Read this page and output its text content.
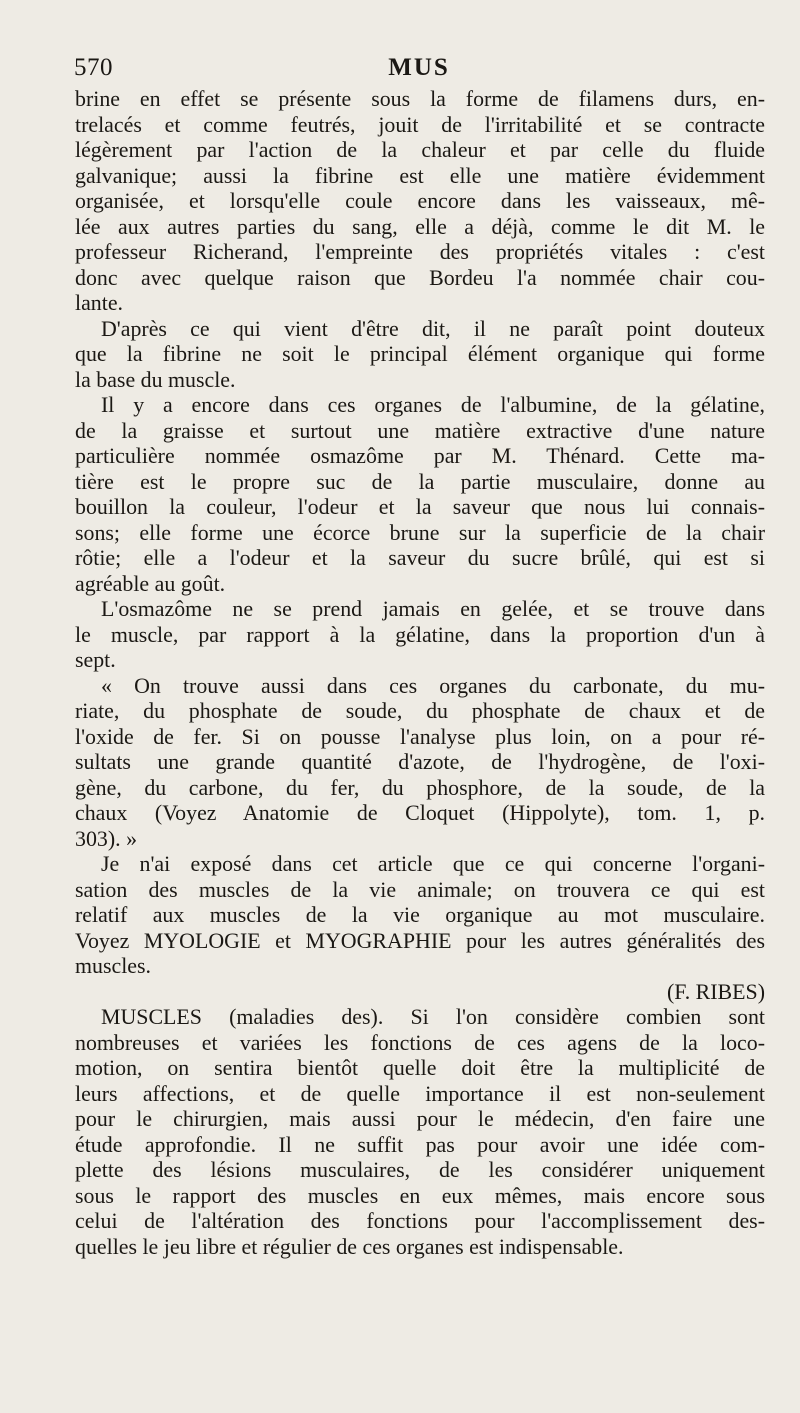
570	MUS
brine en effet se présente sous la forme de filamens durs, en-
trelacés et comme feutrés, jouit de l'irritabilité et se contracte
légèrement par l'action de la chaleur et par celle du fluide
galvanique; aussi la fibrine est elle une matière évidemment
organisée, et lorsqu'elle coule encore dans les vaisseaux, mê-
lée aux autres parties du sang, elle a déjà, comme le dit M. le
professeur Richerand, l'empreinte des propriétés vitales : c'est
donc avec quelque raison que Bordeu l'a nommée chair cou-
lante.
D'après ce qui vient d'être dit, il ne paraît point douteux
que la fibrine ne soit le principal élément organique qui forme
la base du muscle.
Il y a encore dans ces organes de l'albumine, de la gélatine,
de la graisse et surtout une matière extractive d'une nature
particulière nommée osmazôme par M. Thénard. Cette ma-
tière est le propre suc de la partie musculaire, donne au
bouillon la couleur, l'odeur et la saveur que nous lui connais-
sons; elle forme une écorce brune sur la superficie de la chair
rôtie; elle a l'odeur et la saveur du sucre brûlé, qui est si
agréable au goût.
L'osmazôme ne se prend jamais en gelée, et se trouve dans
le muscle, par rapport à la gélatine, dans la proportion d'un à
sept.
« On trouve aussi dans ces organes du carbonate, du mu-
riate, du phosphate de soude, du phosphate de chaux et de
l'oxide de fer. Si on pousse l'analyse plus loin, on a pour ré-
sultats une grande quantité d'azote, de l'hydrogène, de l'oxi-
gène, du carbone, du fer, du phosphore, de la soude, de la
chaux (Voyez Anatomie de Cloquet (Hippolyte), tom. 1, p.
303). »
Je n'ai exposé dans cet article que ce qui concerne l'organi-
sation des muscles de la vie animale; on trouvera ce qui est
relatif aux muscles de la vie organique au mot musculaire.
Voyez MYOLOGIE et MYOGRAPHIE pour les autres généralités des
muscles.
(F. RIBES)
MUSCLES (maladies des). Si l'on considère combien sont
nombreuses et variées les fonctions de ces agens de la loco-
motion, on sentira bientôt quelle doit être la multiplicité de
leurs affections, et de quelle importance il est non-seulement
pour le chirurgien, mais aussi pour le médecin, d'en faire une
étude approfondie. Il ne suffit pas pour avoir une idée com-
plette des lésions musculaires, de les considérer uniquement
sous le rapport des muscles en eux mêmes, mais encore sous
celui de l'altération des fonctions pour l'accomplissement des-
quelles le jeu libre et régulier de ces organes est indispensable.
